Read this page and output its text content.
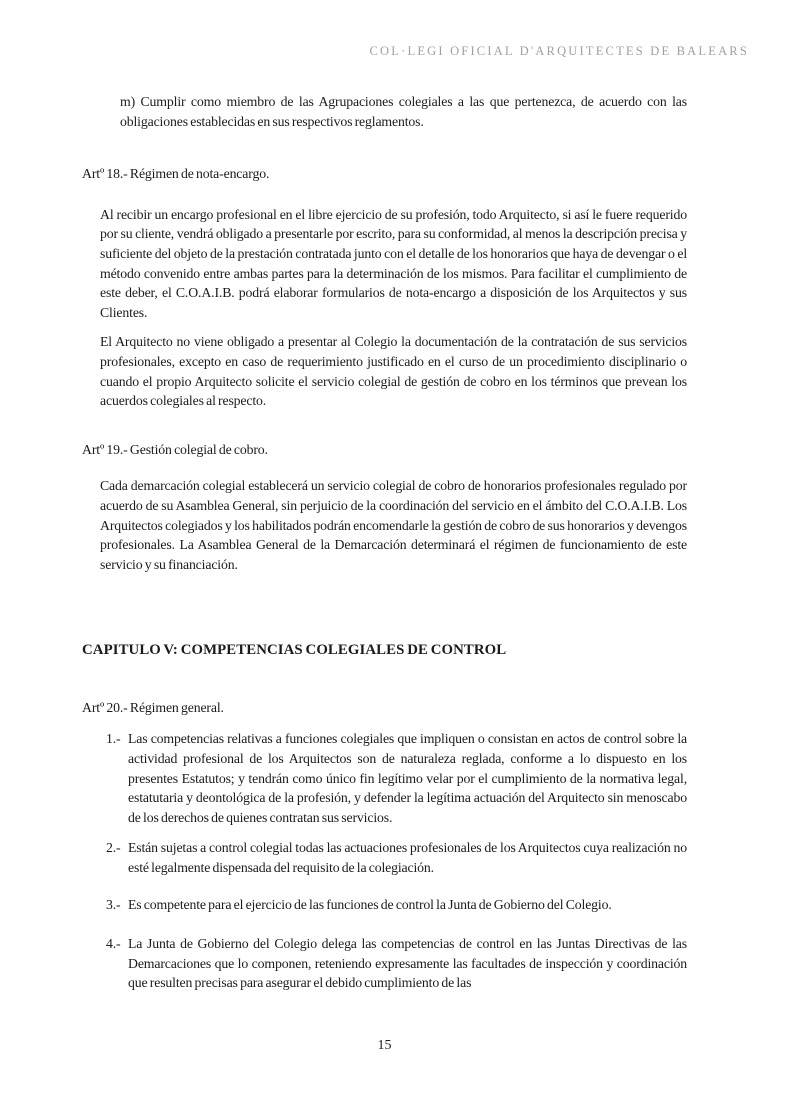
COL·LEGI OFICIAL D'ARQUITECTES DE BALEARS

m) Cumplir como miembro de las Agrupaciones colegiales a las que pertenezca, de acuerdo con las obligaciones establecidas en sus respectivos reglamentos.

Artº 18.- Régimen de nota-encargo.

Al recibir un encargo profesional en el libre ejercicio de su profesión, todo Arquitecto, si así le fuere requerido por su cliente, vendrá obligado a presentarle por escrito, para su conformidad, al menos la descripción precisa y suficiente del objeto de la prestación contratada junto con el detalle de los honorarios que haya de devengar o el método convenido entre ambas partes para la determinación de los mismos. Para facilitar el cumplimiento de este deber, el C.O.A.I.B. podrá elaborar formularios de nota-encargo a disposición de los Arquitectos y sus Clientes.

El Arquitecto no viene obligado a presentar al Colegio la documentación de la contratación de sus servicios profesionales, excepto en caso de requerimiento justificado en el curso de un procedimiento disciplinario o cuando el propio Arquitecto solicite el servicio colegial de gestión de cobro en los términos que prevean los acuerdos colegiales al respecto.

Artº 19.- Gestión colegial de cobro.

Cada demarcación colegial establecerá un servicio colegial de cobro de honorarios profesionales regulado por acuerdo de su Asamblea General, sin perjuicio de la coordinación del servicio en el ámbito del C.O.A.I.B. Los Arquitectos colegiados y los habilitados podrán encomendarle la gestión de cobro de sus honorarios y devengos profesionales. La Asamblea General de la Demarcación determinará el régimen de funcionamiento de este servicio y su financiación.

CAPITULO V: COMPETENCIAS COLEGIALES DE CONTROL

Artº 20.- Régimen general.

1.- Las competencias relativas a funciones colegiales que impliquen o consistan en actos de control sobre la actividad profesional de los Arquitectos son de naturaleza reglada, conforme a lo dispuesto en los presentes Estatutos; y tendrán como único fin legítimo velar por el cumplimiento de la normativa legal, estatutaria y deontológica de la profesión, y defender la legítima actuación del Arquitecto sin menoscabo de los derechos de quienes contratan sus servicios.
2.- Están sujetas a control colegial todas las actuaciones profesionales de los Arquitectos cuya realización no esté legalmente dispensada del requisito de la colegiación.
3.- Es competente para el ejercicio de las funciones de control la Junta de Gobierno del Colegio.
4.- La Junta de Gobierno del Colegio delega las competencias de control en las Juntas Directivas de las Demarcaciones que lo componen, reteniendo expresamente las facultades de inspección y coordinación que resulten precisas para asegurar el debido cumplimiento de las
15
